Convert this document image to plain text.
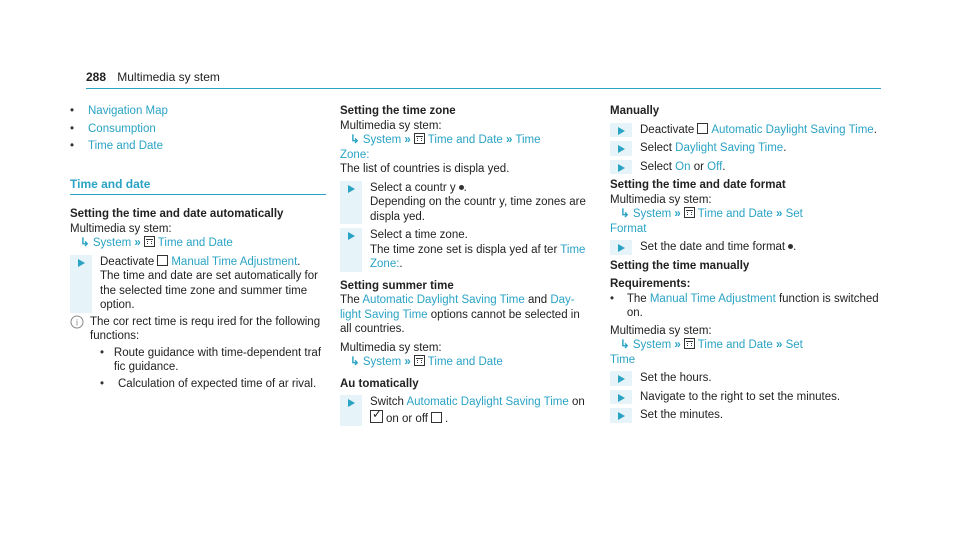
288 Multimedia sy stem
•	Navigation Map
•	Consumption
•	Time and Date
Time and date
Setting the time and date automatically
Multimedia sy stem:
↳ System » Time and Date
Deactivate Manual Time Adjustment.
The time and date are set automatically for the selected time zone and summer time option.
i	The cor rect time is requ ired for the following functions:
• Route guidance with time-dependent traf fic guidance.
•	Calculation of expected time of ar rival.
Setting the time zone
Multimedia sy stem:
↳ System » Time and Date » Time
Zone:
The list of countries is displa yed.
Select a countr y .
Depending on the countr y, time zones are displa yed.
Select a time zone.
The time zone set is displa yed af ter Time Zone:.
Setting summer time
The Automatic Daylight Saving Time and Day-light Saving Time options cannot be selected in all countries.
Multimedia sy stem:
↳ System » Time and Date
Au tomatically
Switch Automatic Daylight Saving Time on
✓on or off .
Manually
Deactivate Automatic Daylight Saving Time.
Select Daylight Saving Time.
Select On or Off.
Setting the time and date format
Multimedia sy stem:
↳ System » Time and Date » Set
Format
Set the date and time format .
Setting the time manually
Requirements:
•	The Manual Time Adjustment function is switched on.
Multimedia sy stem:
↳ System » Time and Date » Set
Time
Set the hours.
Navigate to the right to set the minutes.
Set the minutes.
